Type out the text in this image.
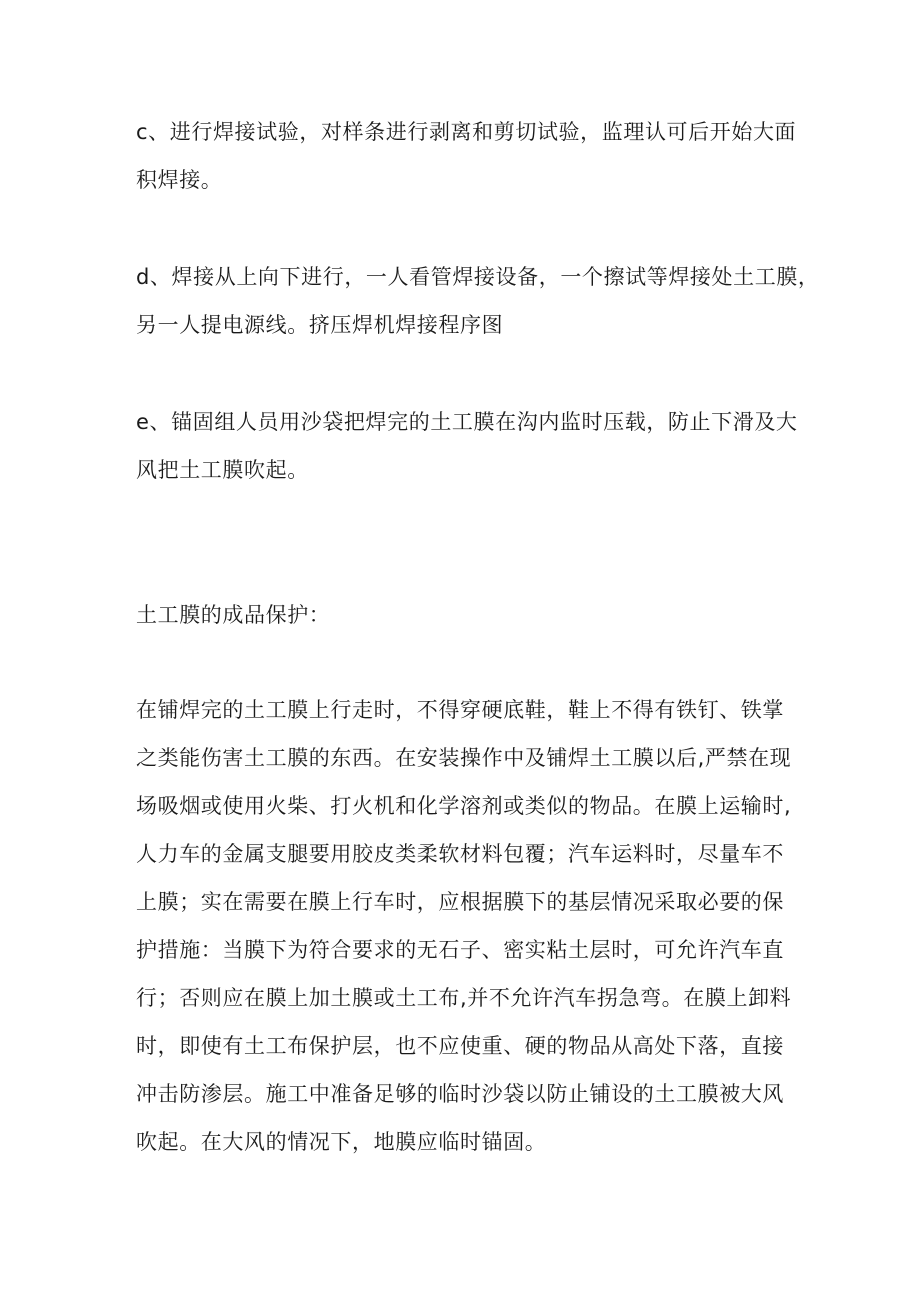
c、进行焊接试验，对样条进行剥离和剪切试验，监理认可后开始大面
积焊接。

d、焊接从上向下进行，一人看管焊接设备，一个擦试等焊接处土工膜，
另一人提电源线。挤压焊机焊接程序图

e、锚固组人员用沙袋把焊完的土工膜在沟内监时压载，防止下滑及大
风把土工膜吹起。

土工膜的成品保护：

在铺焊完的土工膜上行走时，不得穿硬底鞋，鞋上不得有铁钉、铁掌
之类能伤害土工膜的东西。在安装操作中及铺焊土工膜以后,严禁在现
场吸烟或使用火柴、打火机和化学溶剂或类似的物品。在膜上运输时,
人力车的金属支腿要用胶皮类柔软材料包覆；汽车运料时，尽量车不
上膜；实在需要在膜上行车时，应根据膜下的基层情况采取必要的保
护措施：当膜下为符合要求的无石子、密实粘土层时，可允许汽车直
行；否则应在膜上加土膜或土工布,并不允许汽车拐急弯。在膜上卸料
时，即使有土工布保护层，也不应使重、硬的物品从高处下落，直接
冲击防渗层。施工中准备足够的临时沙袋以防止铺设的土工膜被大风
吹起。在大风的情况下，地膜应临时锚固。
